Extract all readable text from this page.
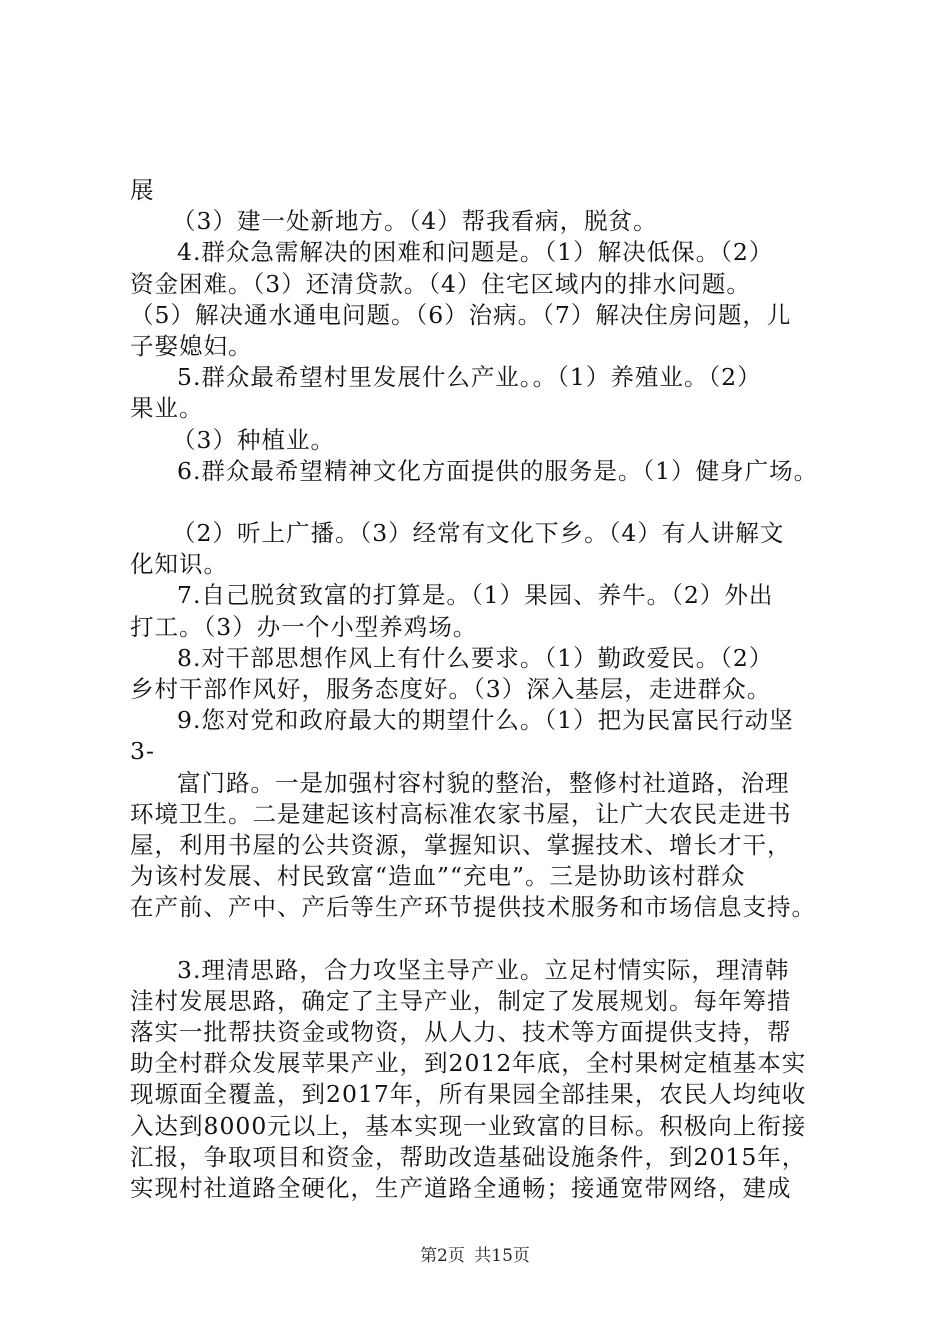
展
（3）建一处新地方。（4）帮我看病，脱贫。
4.群众急需解决的困难和问题是。（1）解决低保。（2）
资金困难。（3）还清贷款。（4）住宅区域内的排水问题。
（5）解决通水通电问题。（6）治病。（7）解决住房问题，儿
子娶媳妇。
5.群众最希望村里发展什么产业。。（1）养殖业。（2）
果业。
（3）种植业。
6.群众最希望精神文化方面提供的服务是。（1）健身广场。
（2）听上广播。（3）经常有文化下乡。（4）有人讲解文
化知识。
7.自己脱贫致富的打算是。（1）果园、养牛。（2）外出
打工。（3）办一个小型养鸡场。
8.对干部思想作风上有什么要求。（1）勤政爱民。（2）
乡村干部作风好，服务态度好。（3）深入基层，走进群众。
9.您对党和政府最大的期望什么。（1）把为民富民行动坚
3-
富门路。一是加强村容村貌的整治，整修村社道路，治理
环境卫生。二是建起该村高标准农家书屋，让广大农民走进书
屋，利用书屋的公共资源，掌握知识、掌握技术、增长才干，
为该村发展、村民致富“造血”“充电”。三是协助该村群众
在产前、产中、产后等生产环节提供技术服务和市场信息支持。
3.理清思路，合力攻坚主导产业。立足村情实际，理清韩
洼村发展思路，确定了主导产业，制定了发展规划。每年筹措
落实一批帮扶资金或物资，从人力、技术等方面提供支持，帮
助全村群众发展苹果产业，到2012年底，全村果树定植基本实
现塬面全覆盖，到2017年，所有果园全部挂果，农民人均纯收
入达到8000元以上，基本实现一业致富的目标。积极向上衔接
汇报，争取项目和资金，帮助改造基础设施条件，到2015年，
实现村社道路全硬化，生产道路全通畅；接通宽带网络，建成
第2页 共15页
